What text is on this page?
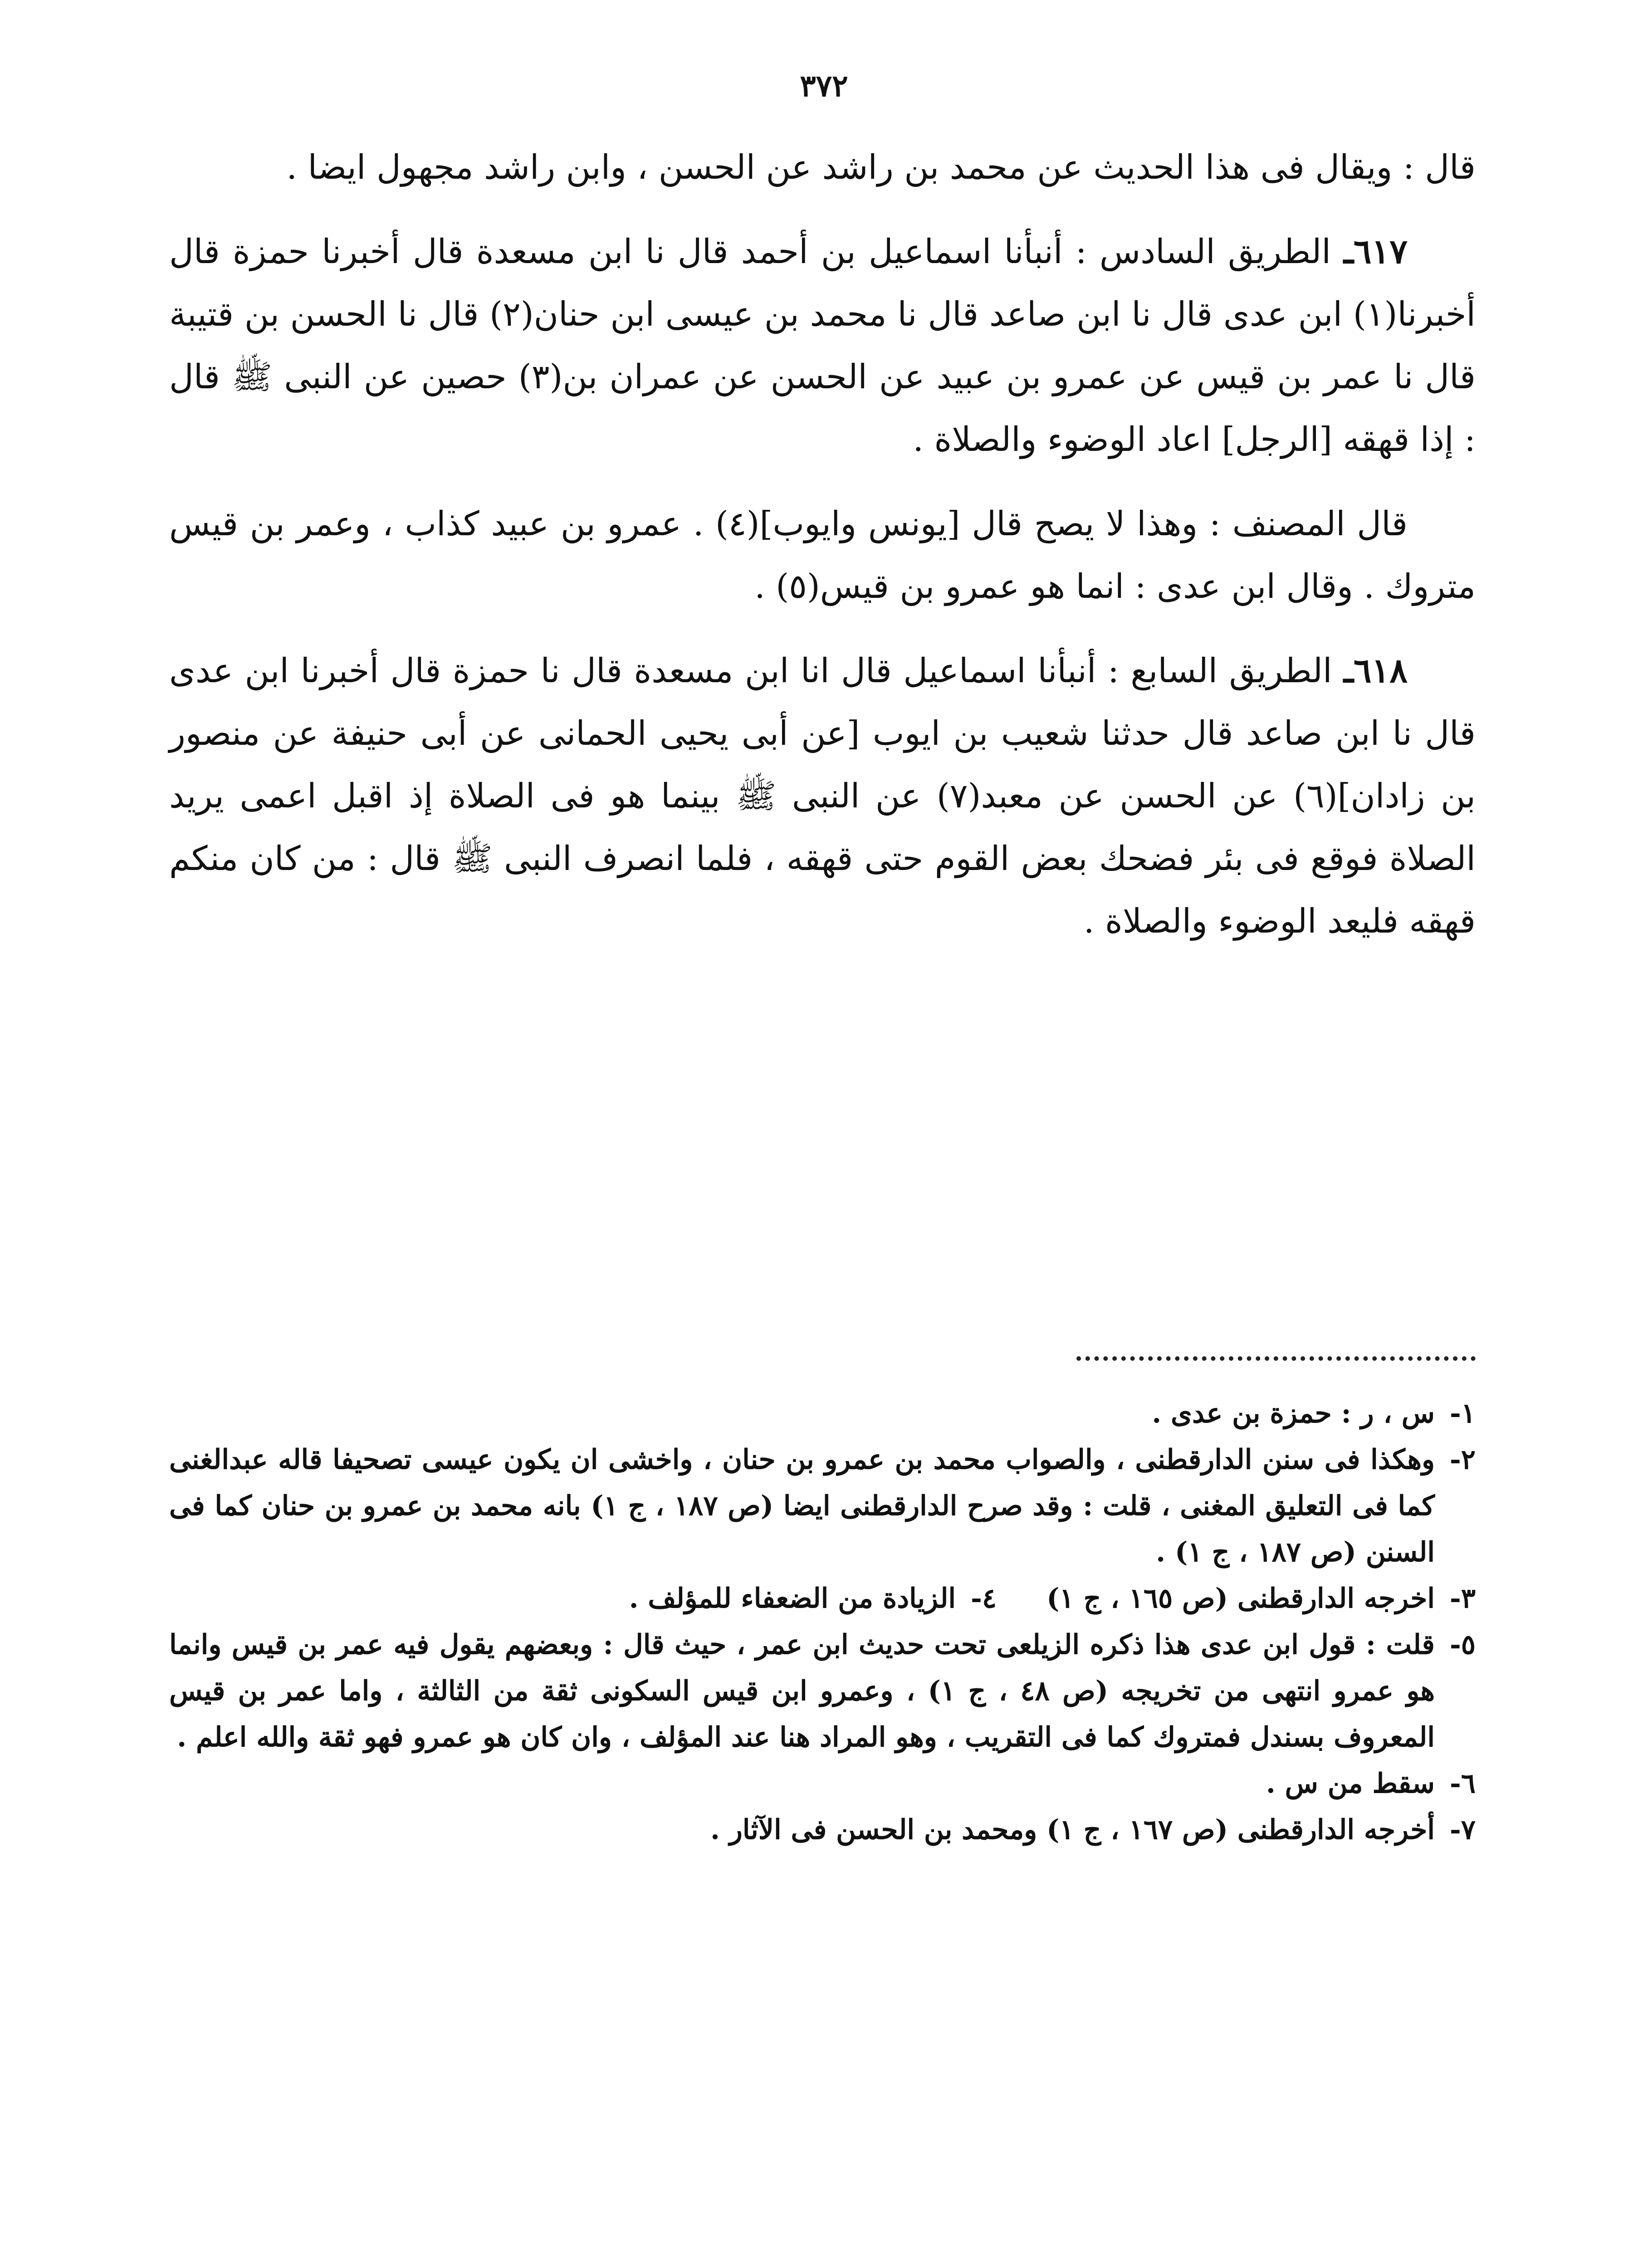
٣٧٢

قال : ويقال فى هذا الحديث عن محمد بن راشد عن الحسن ، وابن راشد مجهول ايضا .

٦١٧ـ الطريق السادس : أنبأنا اسماعيل بن أحمد قال نا ابن مسعدة قال أخبرنا حمزة قال أخبرنا(١) ابن عدى قال نا ابن صاعد قال نا محمد بن عيسى ابن حنان(٢) قال نا الحسن بن قتيبة قال نا عمر بن قيس عن عمرو بن عبيد عن الحسن عن عمران بن(٣) حصين عن النبى ﷺ قال : إذا قهقه [الرجل] اعاد الوضوء والصلاة .

قال المصنف : وهذا لا يصح قال [يونس وايوب](٤) . عمرو بن عبيد كذاب ، وعمر بن قيس متروك . وقال ابن عدى : انما هو عمرو بن قيس(٥) .

٦١٨ـ الطريق السابع : أنبأنا اسماعيل قال انا ابن مسعدة قال نا حمزة قال أخبرنا ابن عدى قال نا ابن صاعد قال حدثنا شعيب بن ايوب [عن أبى يحيى الحمانى عن أبى حنيفة عن منصور بن زادان](٦) عن الحسن عن معبد(٧) عن النبى ﷺ بينما هو فى الصلاة إذ اقبل اعمى يريد الصلاة فوقع فى بئر فضحك بعض القوم حتى قهقه ، فلما انصرف النبى ﷺ قال : من كان منكم قهقه فليعد الوضوء والصلاة .

١-
س ، ر : حمزة بن عدى .
٢-
وهكذا فى سنن الدارقطنى ، والصواب محمد بن عمرو بن حنان ، واخشى ان يكون عيسى تصحيفا قاله عبدالغنى كما فى التعليق المغنى ، قلت : وقد صرح الدارقطنى ايضا (ص ١٨٧ ، ج ١) بانه محمد بن عمرو بن حنان كما فى السنن (ص ١٨٧ ، ج ١) .
٣-
اخرجه الدارقطنى (ص ١٦٥ ، ج ١)
٤-
الزيادة من الضعفاء للمؤلف .
٥-
قلت : قول ابن عدى هذا ذكره الزيلعى تحت حديث ابن عمر ، حيث قال : وبعضهم يقول فيه عمر بن قيس وانما هو عمرو انتهى من تخريجه (ص ٤٨ ، ج ١) ، وعمرو ابن قيس السكونى ثقة من الثالثة ، واما عمر بن قيس المعروف بسندل فمتروك كما فى التقريب ، وهو المراد هنا عند المؤلف ، وان كان هو عمرو فهو ثقة والله اعلم .
٦-
سقط من س .
٧-
أخرجه الدارقطنى (ص ١٦٧ ، ج ١) ومحمد بن الحسن فى الآثار .
